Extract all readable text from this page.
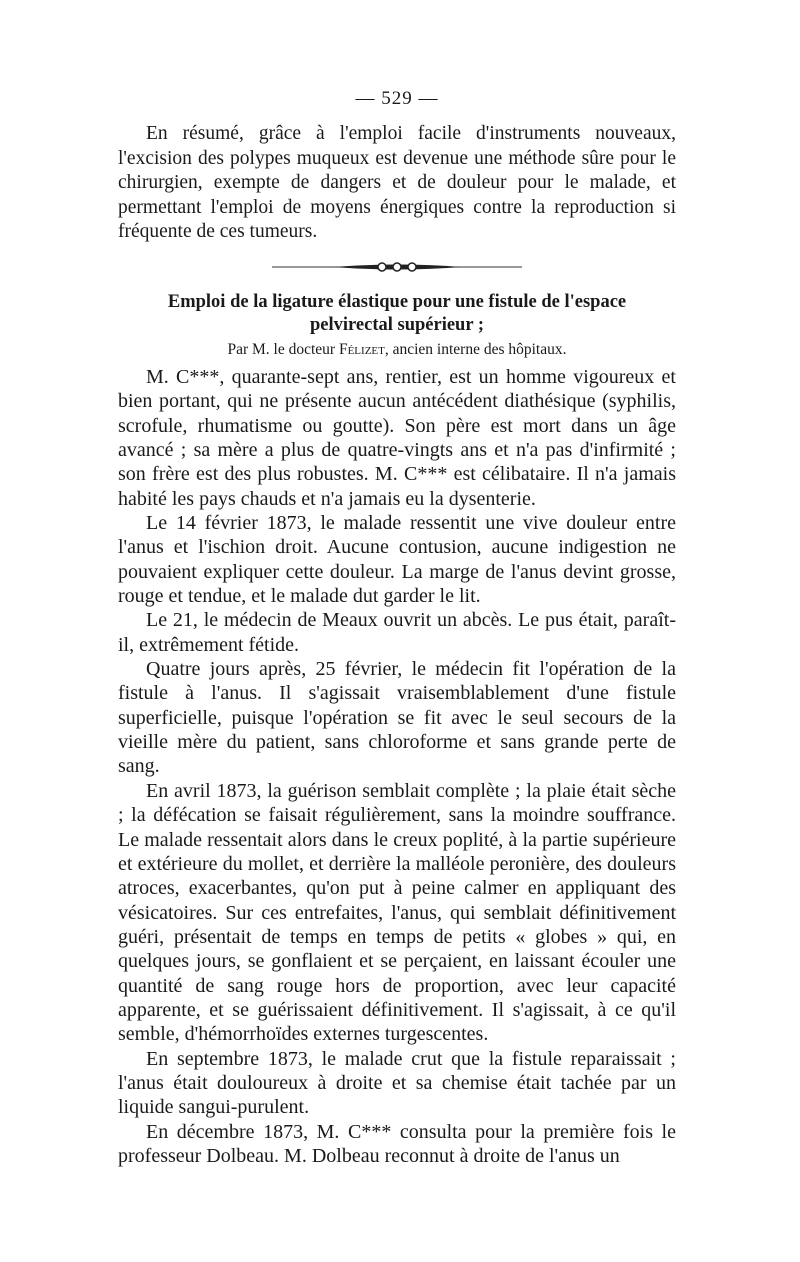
— 529 —

En résumé, grâce à l'emploi facile d'instruments nouveaux, l'excision des polypes muqueux est devenue une méthode sûre pour le chirurgien, exempte de dangers et de douleur pour le malade, et permettant l'emploi de moyens énergiques contre la reproduction si fréquente de ces tumeurs.

Emploi de la ligature élastique pour une fistule de l'espace

pelvirectal supérieur ;

Par M. le docteur Félizet, ancien interne des hôpitaux.

M. C***, quarante-sept ans, rentier, est un homme vigoureux et bien portant, qui ne présente aucun antécédent diathésique (syphilis, scrofule, rhumatisme ou goutte). Son père est mort dans un âge avancé ; sa mère a plus de quatre-vingts ans et n'a pas d'infirmité ; son frère est des plus robustes. M. C*** est célibataire. Il n'a jamais habité les pays chauds et n'a jamais eu la dysenterie.

Le 14 février 1873, le malade ressentit une vive douleur entre l'anus et l'ischion droit. Aucune contusion, aucune indigestion ne pouvaient expliquer cette douleur. La marge de l'anus devint grosse, rouge et tendue, et le malade dut garder le lit.

Le 21, le médecin de Meaux ouvrit un abcès. Le pus était, paraît-il, extrêmement fétide.

Quatre jours après, 25 février, le médecin fit l'opération de la fistule à l'anus. Il s'agissait vraisemblablement d'une fistule superficielle, puisque l'opération se fit avec le seul secours de la vieille mère du patient, sans chloroforme et sans grande perte de sang.

En avril 1873, la guérison semblait complète ; la plaie était sèche ; la défécation se faisait régulièrement, sans la moindre souffrance. Le malade ressentait alors dans le creux poplité, à la partie supérieure et extérieure du mollet, et derrière la malléole peronière, des douleurs atroces, exacerbantes, qu'on put à peine calmer en appliquant des vésicatoires. Sur ces entrefaites, l'anus, qui semblait définitivement guéri, présentait de temps en temps de petits « globes » qui, en quelques jours, se gonflaient et se perçaient, en laissant écouler une quantité de sang rouge hors de proportion, avec leur capacité apparente, et se guérissaient définitivement. Il s'agissait, à ce qu'il semble, d'hémorrhoïdes externes turgescentes.

En septembre 1873, le malade crut que la fistule reparaissait ; l'anus était douloureux à droite et sa chemise était tachée par un liquide sangui-purulent.

En décembre 1873, M. C*** consulta pour la première fois le professeur Dolbeau. M. Dolbeau reconnut à droite de l'anus un
